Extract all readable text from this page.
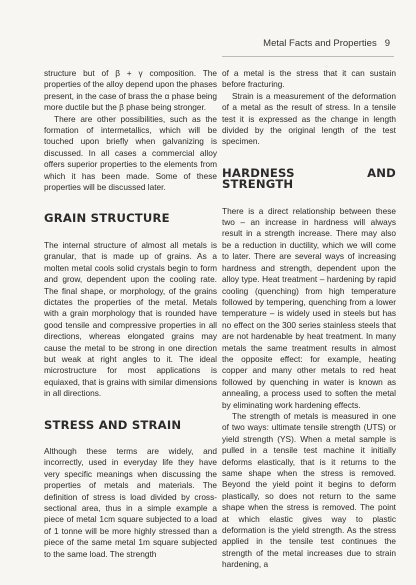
Metal Facts and Properties 9

structure but of β + γ composition. The properties of the alloy depend upon the phases present, in the case of brass the α phase being more ductile but the β phase being stronger.

There are other possibilities, such as the formation of intermetallics, which will be touched upon briefly when galvanizing is discussed. In all cases a commercial alloy offers superior properties to the elements from which it has been made. Some of these properties will be discussed later.

GRAIN STRUCTURE

The internal structure of almost all metals is granular, that is made up of grains. As a molten metal cools solid crystals begin to form and grow, dependent upon the cooling rate. The final shape, or morphology, of the grains dictates the properties of the metal. Metals with a grain morphology that is rounded have good tensile and compressive properties in all directions, whereas elongated grains may cause the metal to be strong in one direction but weak at right angles to it. The ideal microstructure for most applications is equiaxed, that is grains with similar dimensions in all directions.

STRESS AND STRAIN

Although these terms are widely, and incorrectly, used in everyday life they have very specific meanings when discussing the properties of metals and materials. The definition of stress is load divided by cross-sectional area, thus in a simple example a piece of metal 1cm square subjected to a load of 1 tonne will be more highly stressed than a piece of the same metal 1m square subjected to the same load. The strength

of a metal is the stress that it can sustain before fracturing.

Strain is a measurement of the deformation of a metal as the result of stress. In a tensile test it is expressed as the change in length divided by the original length of the test specimen.

HARDNESS AND STRENGTH

There is a direct relationship between these two – an increase in hardness will always result in a strength increase. There may also be a reduction in ductility, which we will come to later. There are several ways of increasing hardness and strength, dependent upon the alloy type. Heat treatment – hardening by rapid cooling (quenching) from high temperature followed by tempering, quenching from a lower temperature – is widely used in steels but has no effect on the 300 series stainless steels that are not hardenable by heat treatment. In many metals the same treatment results in almost the opposite effect: for example, heating copper and many other metals to red heat followed by quenching in water is known as annealing, a process used to soften the metal by eliminating work hardening effects.

The strength of metals is measured in one of two ways: ultimate tensile strength (UTS) or yield strength (YS). When a metal sample is pulled in a tensile test machine it initially deforms elastically, that is it returns to the same shape when the stress is removed. Beyond the yield point it begins to deform plastically, so does not return to the same shape when the stress is removed. The point at which elastic gives way to plastic deformation is the yield strength. As the stress applied in the tensile test continues the strength of the metal increases due to strain hardening, a
